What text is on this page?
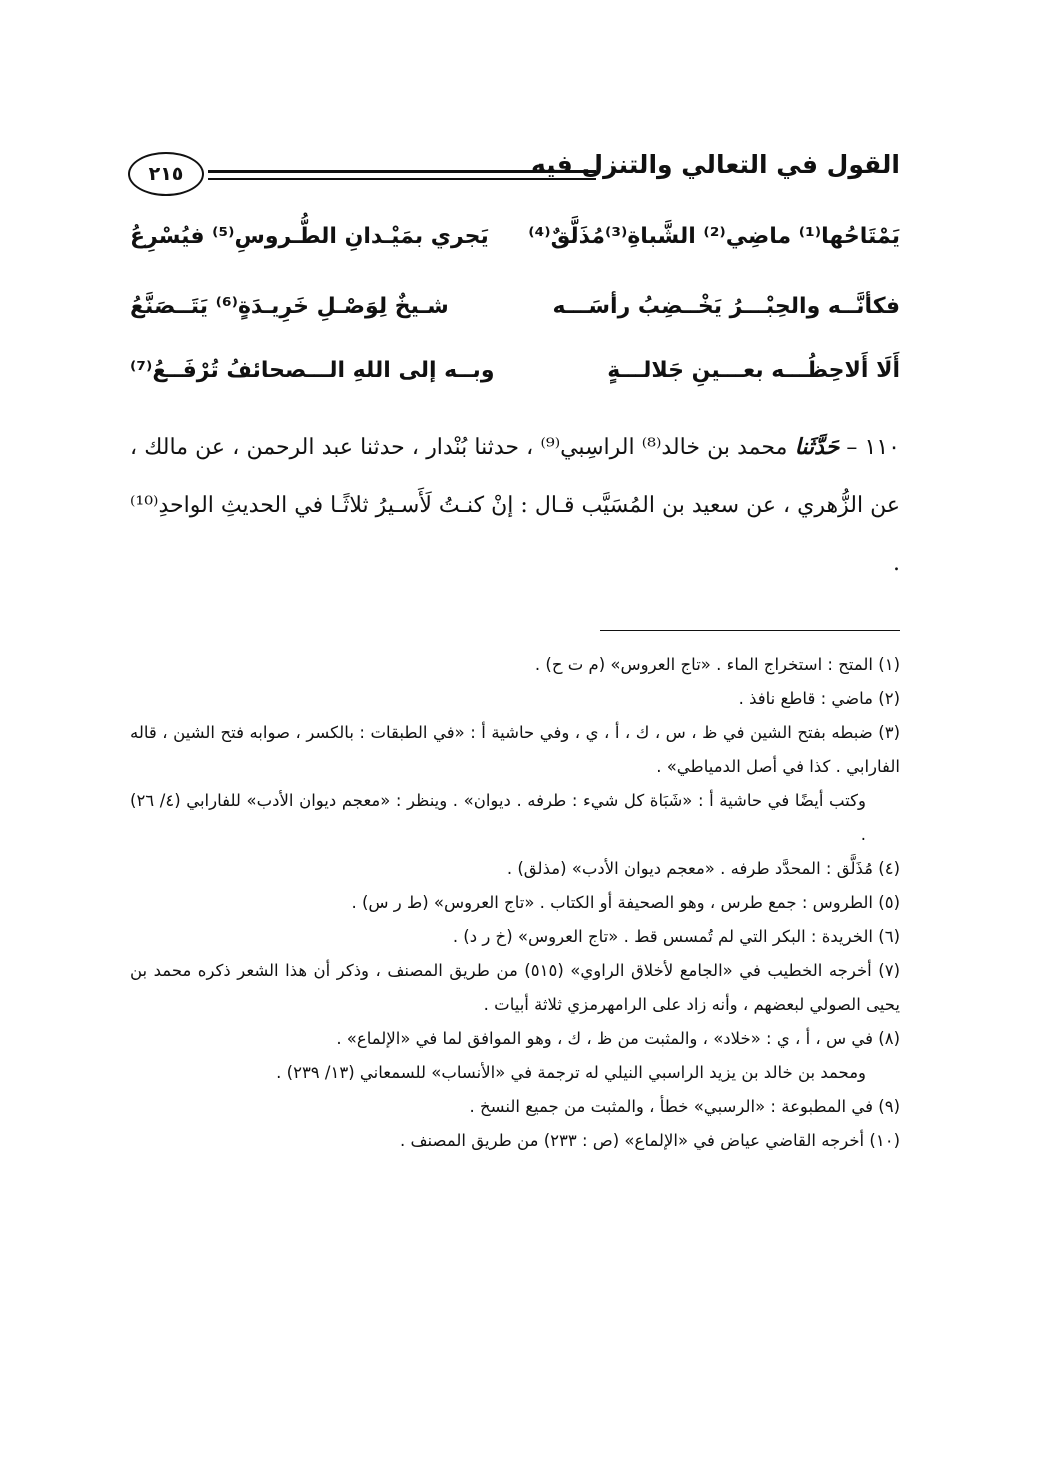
٢١٥	القول في التعالي والتنزل فيه
يَمْتَاحُها⁽¹⁾ ماضِي⁽²⁾ الشَّباةِ⁽³⁾مُذَلَّقٌ⁽⁴⁾
يَجري بمَيْـدانِ الطُّـروسِ⁽⁵⁾ فيُسْرِعُ
فكأنَّــه والحِبْـــرُ يَخْــضِبُ رأسَـــه
شـيخٌ لِوَصْـلِ خَرِيـدَةٍ⁽⁶⁾ يَتَــصَنَّعُ
أَلَا أَلاحِظُـــه بعـــينِ جَلالـــةٍ
وبــه إلى اللهِ الـــصحائفُ تُرْفَــعُ⁽⁷⁾
١١٠ – حَدَّثَنا محمد بن خالد⁽⁸⁾ الراسِبي⁽⁹⁾ ، حدثنا بُنْدار ، حدثنا عبد الرحمن ، عن مالك ، عن الزُّهري ، عن سعيد بن المُسَيَّب قـال : إنْ كنـتُ لَأَسـيرُ ثلاثًـا في الحديثِ الواحدِ⁽¹⁰⁾ .
(١) المتح : استخراج الماء . «تاج العروس» (م ت ح) .
(٢) ماضي : قاطع نافذ .
(٣) ضبطه بفتح الشين في ظ ، س ، ك ، أ ، ي ، وفي حاشية أ : «في الطبقات : بالكسر ، صوابه فتح الشين ، قاله الفارابي . كذا في أصل الدمياطي» .
وكتب أيضًا في حاشية أ : «شَبَاة كل شيء : طرفه . ديوان» . وينظر : «معجم ديوان الأدب» للفارابي (٤/ ٢٦) .
(٤) مُذَلَّق : المحدَّد طرفه . «معجم ديوان الأدب» (مذلق) .
(٥) الطروس : جمع طرس ، وهو الصحيفة أو الكتاب . «تاج العروس» (ط ر س) .
(٦) الخريدة : البكر التي لم تُمسس قط . «تاج العروس» (خ ر د) .
(٧) أخرجه الخطيب في «الجامع لأخلاق الراوي» (٥١٥) من طريق المصنف ، وذكر أن هذا الشعر ذكره محمد بن يحيى الصولي لبعضهم ، وأنه زاد على الرامهرمزي ثلاثة أبيات .
(٨) في س ، أ ، ي : «خلاد» ، والمثبت من ظ ، ك ، وهو الموافق لما في «الإلماع» .
ومحمد بن خالد بن يزيد الراسبي النيلي له ترجمة في «الأنساب» للسمعاني (١٣/ ٢٣٩) .
(٩) في المطبوعة : «الرسبي» خطأ ، والمثبت من جميع النسخ .
(١٠) أخرجه القاضي عياض في «الإلماع» (ص : ٢٣٣) من طريق المصنف .
